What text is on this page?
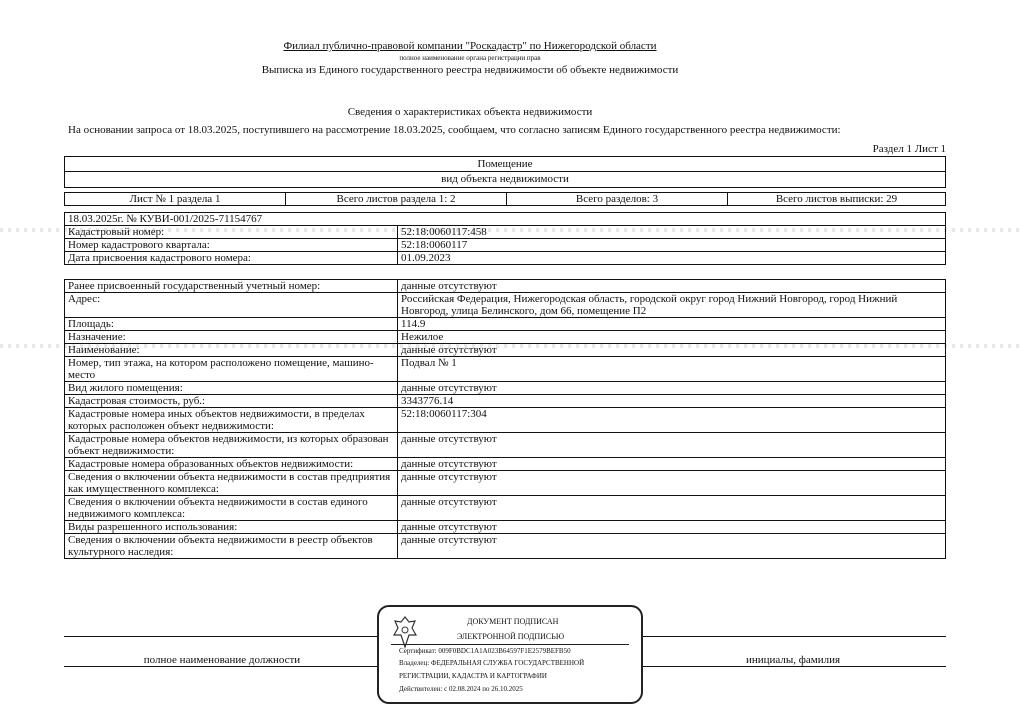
Филиал публично-правовой компании "Роскадастр" по Нижегородской области
полное наименование органа регистрации прав
Выписка из Единого государственного реестра недвижимости об объекте недвижимости
Сведения о характеристиках объекта недвижимости
На основании запроса от 18.03.2025, поступившего на рассмотрение 18.03.2025, сообщаем, что согласно записям Единого государственного реестра недвижимости:
Раздел 1 Лист 1
Помещение
вид объекта недвижимости
Лист № 1 раздела 1	Всего листов раздела 1: 2	Всего разделов: 3	Всего листов выписки: 29
18.03.2025г. № КУВИ-001/2025-71154767	
Кадастровый номер:	52:18:0060117:458
Номер кадастрового квартала:	52:18:0060117
Дата присвоения кадастрового номера:	01.09.2023
Ранее присвоенный государственный учетный номер:	данные отсутствуют
Адрес:	Российская Федерация, Нижегородская область, городской округ город Нижний Новгород, город Нижний Новгород, улица Белинского, дом 66, помещение П2
Площадь:	114.9
Назначение:	Нежилое
Наименование:	данные отсутствуют
Номер, тип этажа, на котором расположено помещение, машино-место	Подвал № 1
Вид жилого помещения:	данные отсутствуют
Кадастровая стоимость, руб.:	3343776.14
Кадастровые номера иных объектов недвижимости, в пределах которых расположен объект недвижимости:	52:18:0060117:304
Кадастровые номера объектов недвижимости, из которых образован объект недвижимости:	данные отсутствуют
Кадастровые номера образованных объектов недвижимости:	данные отсутствуют
Сведения о включении объекта недвижимости в состав предприятия как имущественного комплекса:	данные отсутствуют
Сведения о включении объекта недвижимости в состав единого недвижимого комплекса:	данные отсутствуют
Виды разрешенного использования:	данные отсутствуют
Сведения о включении объекта недвижимости в реестр объектов культурного наследия:	данные отсутствуют
полное наименование должности	инициалы, фамилия
ДОКУМЕНТ ПОДПИСАН
ЭЛЕКТРОННОЙ ПОДПИСЬЮ
Сертификат: 009F0BDC1A1A023B64597F1E2579BEFB50
Владелец: ФЕДЕРАЛЬНАЯ СЛУЖБА ГОСУДАРСТВЕННОЙ
РЕГИСТРАЦИИ, КАДАСТРА И КАРТОГРАФИИ
Действителен: с 02.08.2024 по 26.10.2025
